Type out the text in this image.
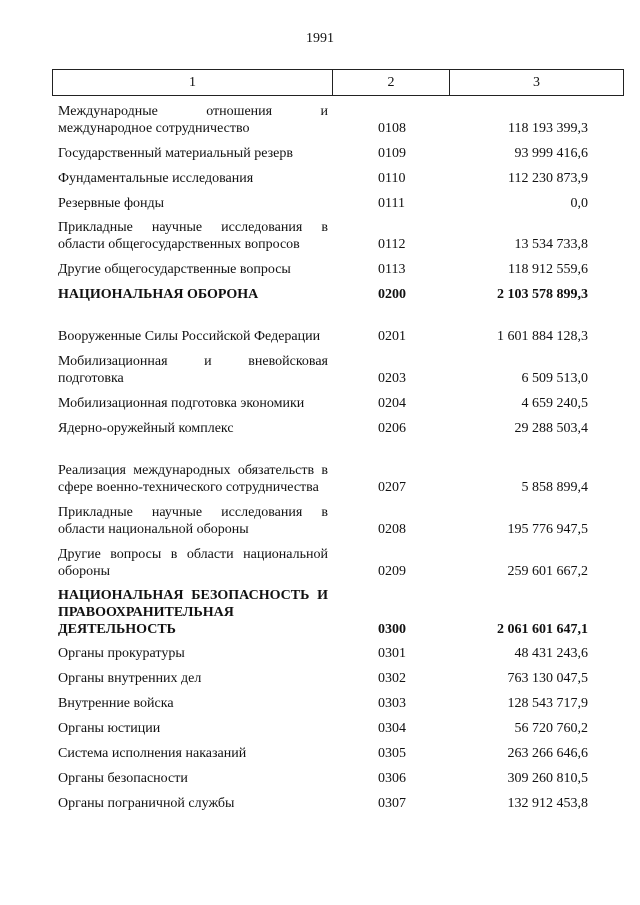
1991
1	2	3
Международные отношения и международное сотрудничество	0108	118 193 399,3
Государственный материальный резерв	0109	93 999 416,6
Фундаментальные исследования	0110	112 230 873,9
Резервные фонды	0111	0,0
Прикладные научные исследования в области общегосударственных вопросов	0112	13 534 733,8
Другие общегосударственные вопросы	0113	118 912 559,6
НАЦИОНАЛЬНАЯ ОБОРОНА	0200	2 103 578 899,3
Вооруженные Силы Российской Федерации	0201	1 601 884 128,3
Мобилизационная и вневойсковая подготовка	0203	6 509 513,0
Мобилизационная подготовка экономики	0204	4 659 240,5
Ядерно-оружейный комплекс	0206	29 288 503,4
Реализация международных обязательств в сфере военно-технического сотрудничества	0207	5 858 899,4
Прикладные научные исследования в области национальной обороны	0208	195 776 947,5
Другие вопросы в области национальной обороны	0209	259 601 667,2
НАЦИОНАЛЬНАЯ БЕЗОПАСНОСТЬ И ПРАВООХРАНИТЕЛЬНАЯ ДЕЯТЕЛЬНОСТЬ	0300	2 061 601 647,1
Органы прокуратуры	0301	48 431 243,6
Органы внутренних дел	0302	763 130 047,5
Внутренние войска	0303	128 543 717,9
Органы юстиции	0304	56 720 760,2
Система исполнения наказаний	0305	263 266 646,6
Органы безопасности	0306	309 260 810,5
Органы пограничной службы	0307	132 912 453,8
